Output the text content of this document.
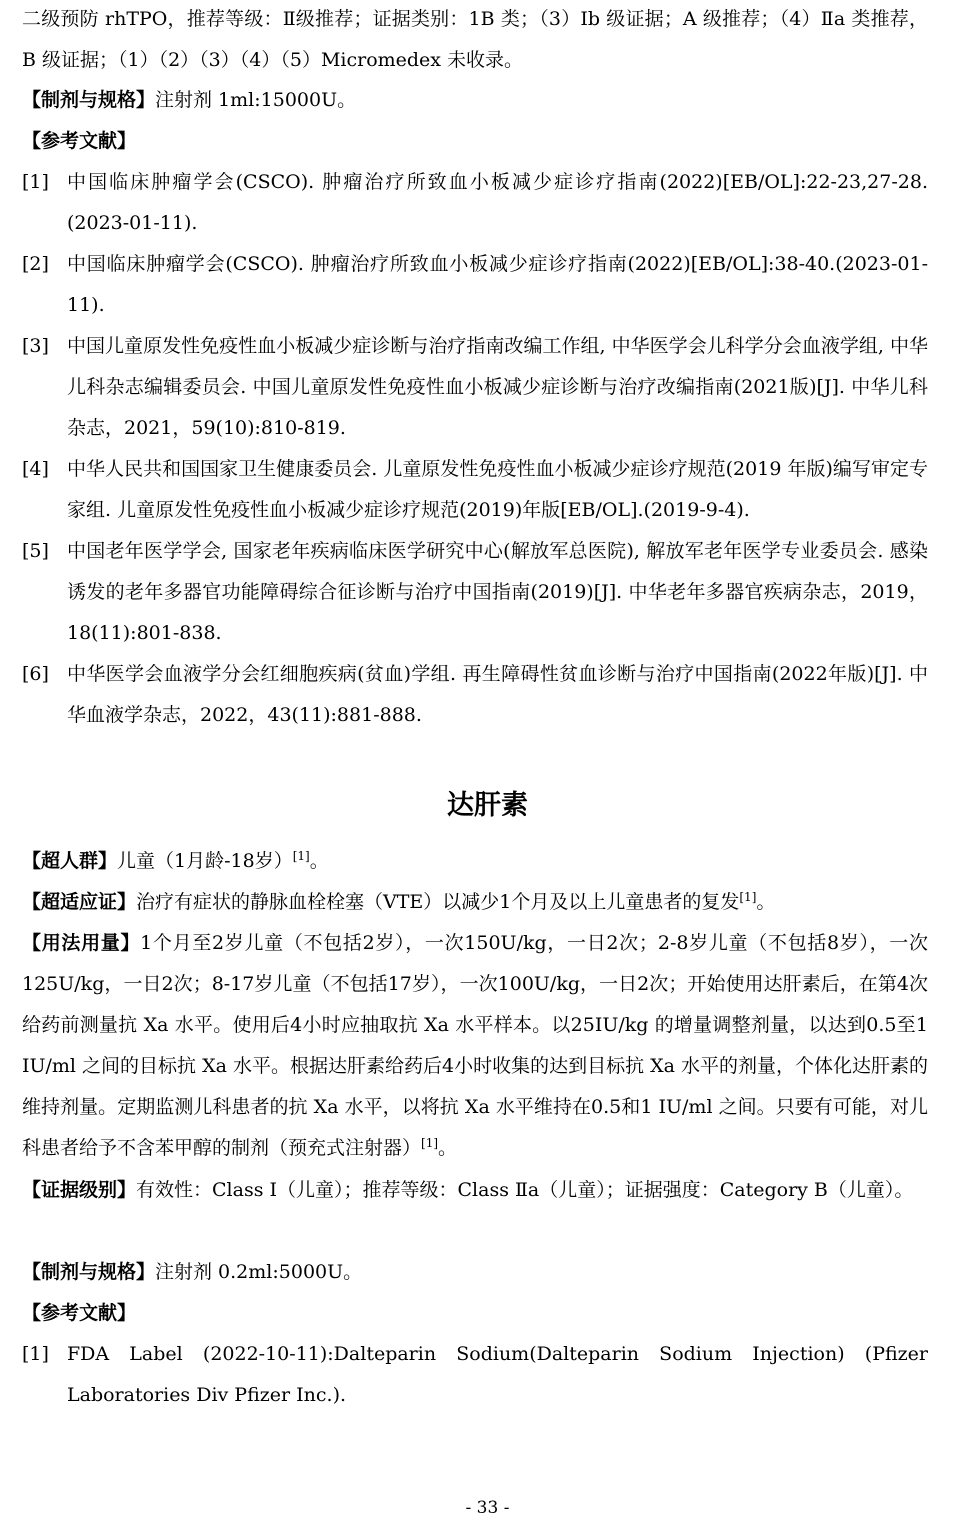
二级预防 rhTPO，推荐等级：Ⅱ级推荐；证据类别：1B 类；（3）Ib 级证据；A 级推荐；（4）Ⅱa 类推荐，B 级证据；（1）（2）（3）（4）（5）Micromedex 未收录。
【制剂与规格】注射剂 1ml:15000U。
【参考文献】
[1] 中国临床肿瘤学会(CSCO). 肿瘤治疗所致血小板减少症诊疗指南(2022)[EB/OL]:22-23,27-28.(2023-01-11).
[2] 中国临床肿瘤学会(CSCO). 肿瘤治疗所致血小板减少症诊疗指南(2022)[EB/OL]:38-40.(2023-01-11).
[3] 中国儿童原发性免疫性血小板减少症诊断与治疗指南改编工作组, 中华医学会儿科学分会血液学组, 中华儿科杂志编辑委员会. 中国儿童原发性免疫性血小板减少症诊断与治疗改编指南(2021版)[J]. 中华儿科杂志，2021，59(10):810-819.
[4] 中华人民共和国国家卫生健康委员会. 儿童原发性免疫性血小板减少症诊疗规范(2019 年版)编写审定专家组. 儿童原发性免疫性血小板减少症诊疗规范(2019)年版[EB/OL].(2019-9-4).
[5] 中国老年医学学会, 国家老年疾病临床医学研究中心(解放军总医院), 解放军老年医学专业委员会. 感染诱发的老年多器官功能障碍综合征诊断与治疗中国指南(2019)[J]. 中华老年多器官疾病杂志，2019，18(11):801-838.
[6] 中华医学会血液学分会红细胞疾病(贫血)学组. 再生障碍性贫血诊断与治疗中国指南(2022年版)[J]. 中华血液学杂志，2022，43(11):881-888.
达肝素
【超人群】儿童（1月龄-18岁）[1]。
【超适应证】治疗有症状的静脉血栓栓塞（VTE）以减少1个月及以上儿童患者的复发[1]。
【用法用量】1个月至2岁儿童（不包括2岁），一次150U/kg，一日2次；2-8岁儿童（不包括8岁），一次125U/kg，一日2次；8-17岁儿童（不包括17岁），一次100U/kg，一日2次；开始使用达肝素后，在第4次给药前测量抗 Xa 水平。使用后4小时应抽取抗 Xa 水平样本。以25IU/kg 的增量调整剂量，以达到0.5至1 IU/ml 之间的目标抗 Xa 水平。根据达肝素给药后4小时收集的达到目标抗 Xa 水平的剂量，个体化达肝素的维持剂量。定期监测儿科患者的抗 Xa 水平，以将抗 Xa 水平维持在0.5和1 IU/ml 之间。只要有可能，对儿科患者给予不含苯甲醇的制剂（预充式注射器）[1]。
【证据级别】有效性：Class Ⅰ（儿童）；推荐等级：Class Ⅱa（儿童）；证据强度：Category B（儿童）。
【制剂与规格】注射剂 0.2ml:5000U。
【参考文献】
[1] FDA Label (2022-10-11):Dalteparin Sodium(Dalteparin Sodium Injection) (Pfizer Laboratories Div Pfizer Inc.).
- 33 -
